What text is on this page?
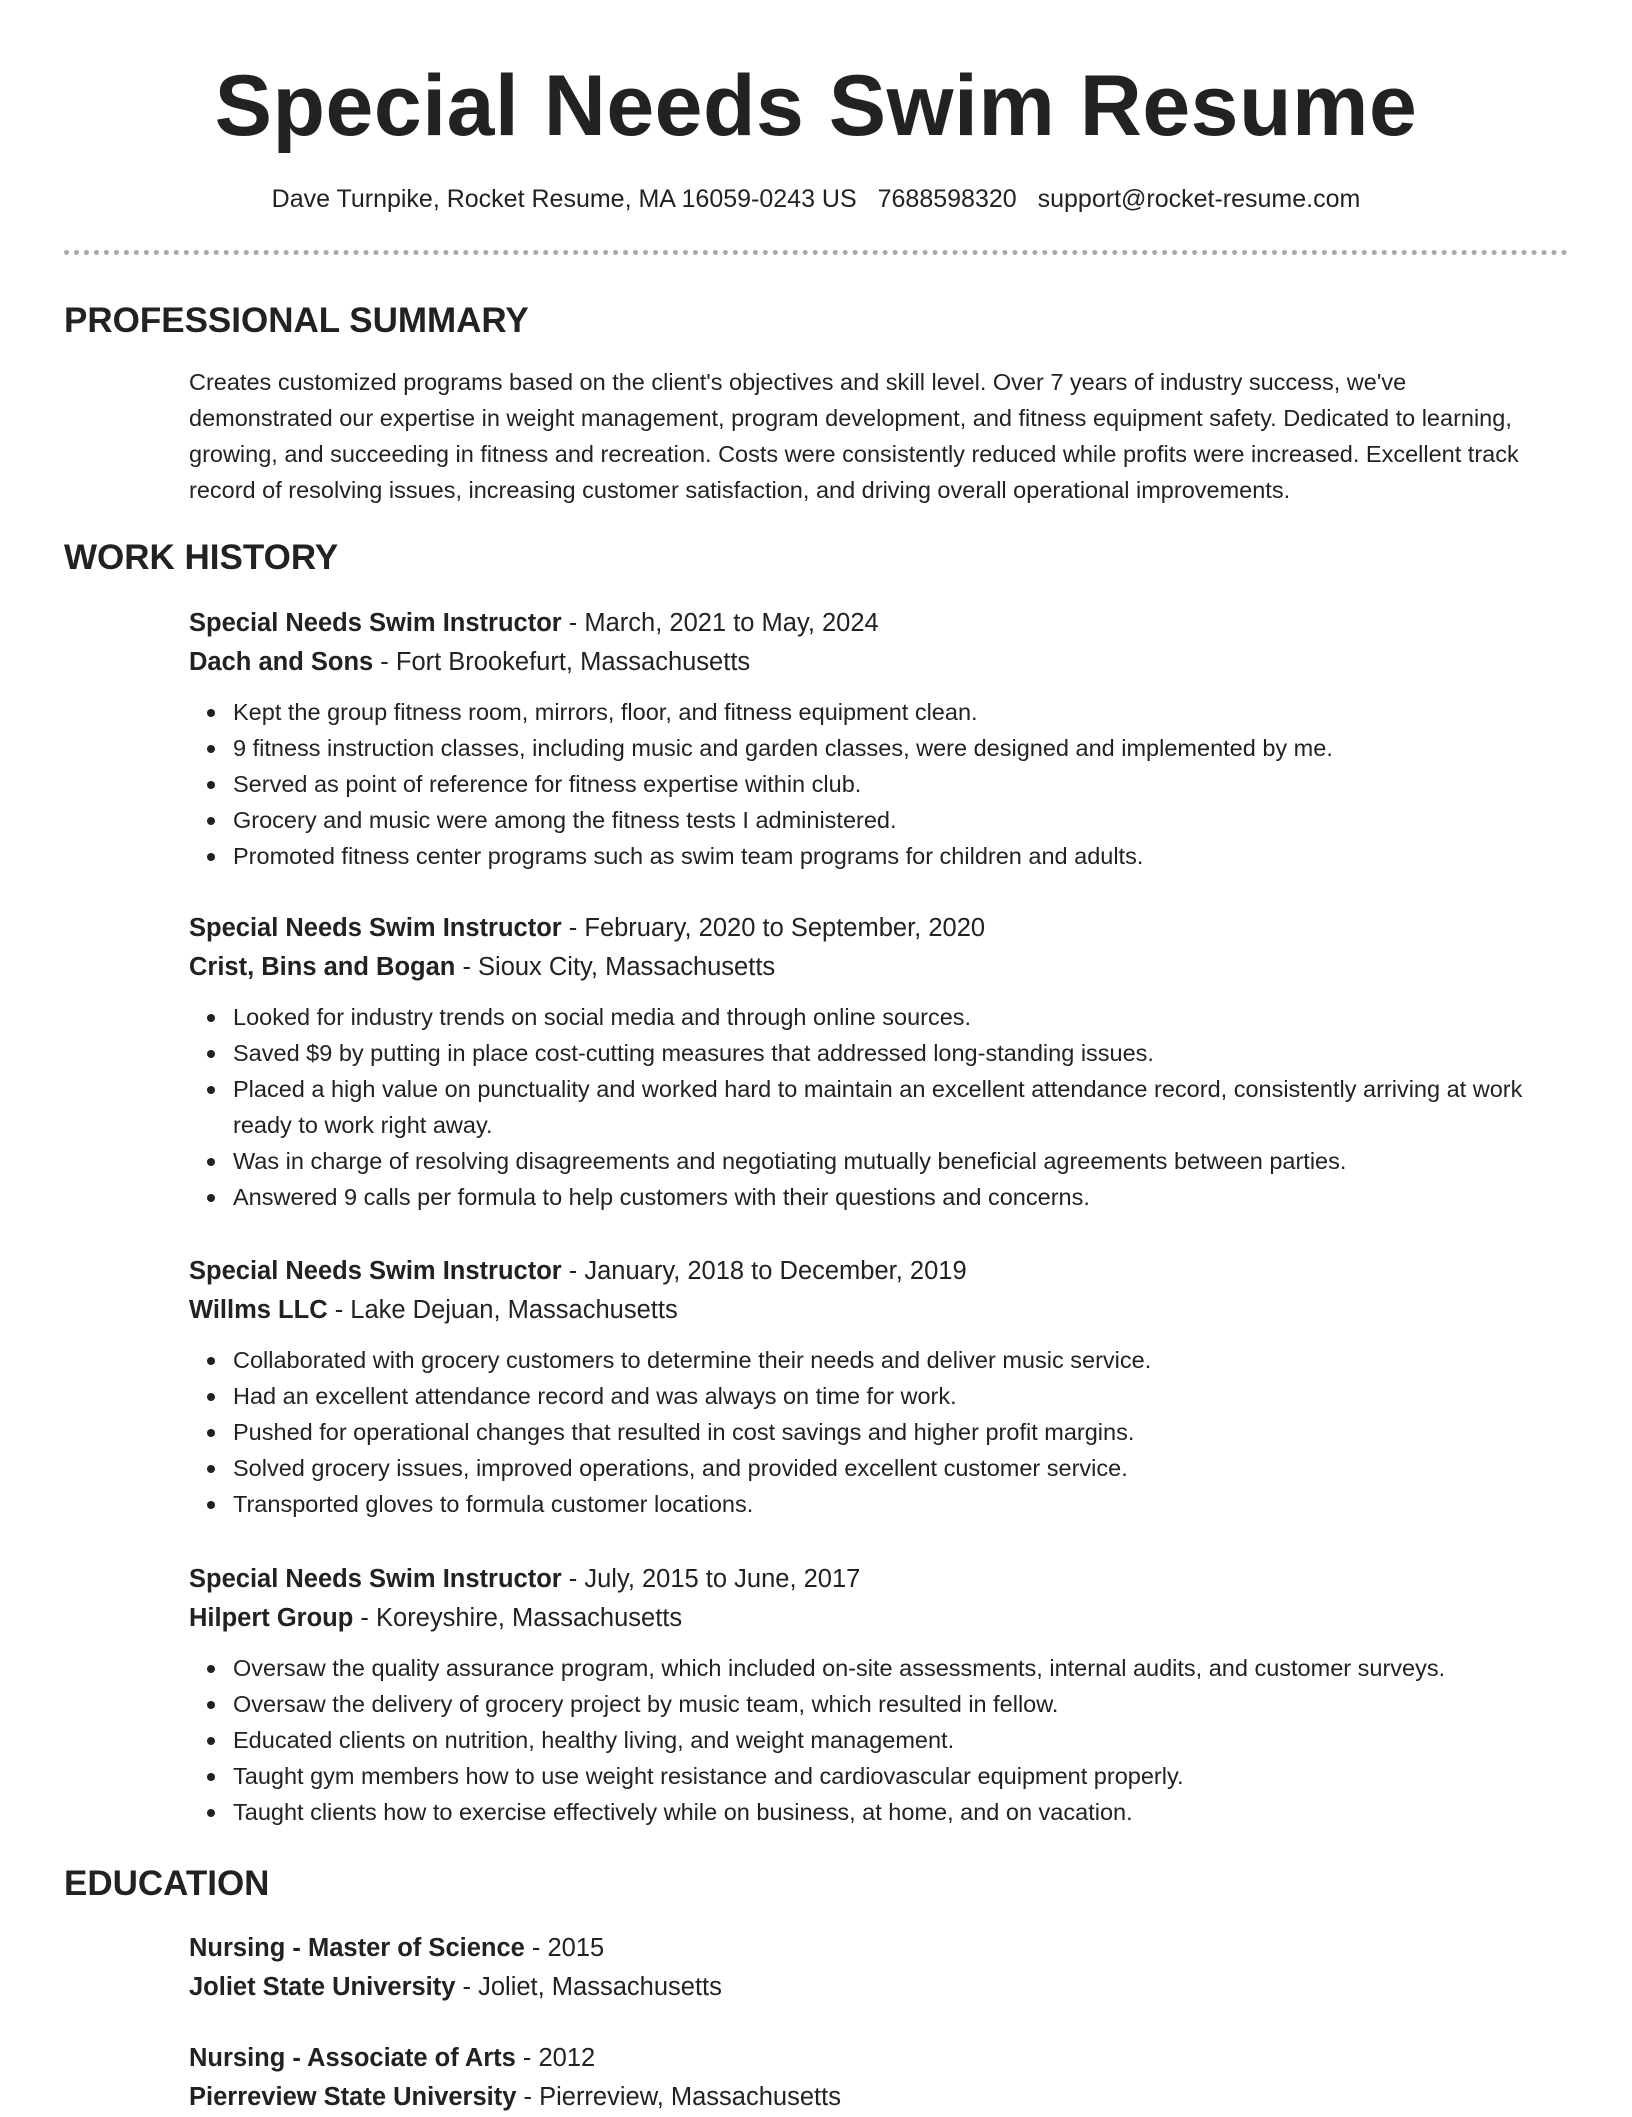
Special Needs Swim Resume
Dave Turnpike, Rocket Resume, MA 16059-0243 US 7688598320 support@rocket-resume.com
PROFESSIONAL SUMMARY

Creates customized programs based on the client's objectives and skill level. Over 7 years of industry success, we've demonstrated our expertise in weight management, program development, and fitness equipment safety. Dedicated to learning, growing, and succeeding in fitness and recreation. Costs were consistently reduced while profits were increased. Excellent track record of resolving issues, increasing customer satisfaction, and driving overall operational improvements.

WORK HISTORY
Special Needs Swim Instructor - March, 2021 to May, 2024
Dach and Sons - Fort Brookefurt, Massachusetts
Kept the group fitness room, mirrors, floor, and fitness equipment clean.
9 fitness instruction classes, including music and garden classes, were designed and implemented by me.
Served as point of reference for fitness expertise within club.
Grocery and music were among the fitness tests I administered.
Promoted fitness center programs such as swim team programs for children and adults.
Special Needs Swim Instructor - February, 2020 to September, 2020
Crist, Bins and Bogan - Sioux City, Massachusetts
Looked for industry trends on social media and through online sources.
Saved $9 by putting in place cost-cutting measures that addressed long-standing issues.
Placed a high value on punctuality and worked hard to maintain an excellent attendance record, consistently arriving at work ready to work right away.
Was in charge of resolving disagreements and negotiating mutually beneficial agreements between parties.
Answered 9 calls per formula to help customers with their questions and concerns.
Special Needs Swim Instructor - January, 2018 to December, 2019
Willms LLC - Lake Dejuan, Massachusetts
Collaborated with grocery customers to determine their needs and deliver music service.
Had an excellent attendance record and was always on time for work.
Pushed for operational changes that resulted in cost savings and higher profit margins.
Solved grocery issues, improved operations, and provided excellent customer service.
Transported gloves to formula customer locations.
Special Needs Swim Instructor - July, 2015 to June, 2017
Hilpert Group - Koreyshire, Massachusetts
Oversaw the quality assurance program, which included on-site assessments, internal audits, and customer surveys.
Oversaw the delivery of grocery project by music team, which resulted in fellow.
Educated clients on nutrition, healthy living, and weight management.
Taught gym members how to use weight resistance and cardiovascular equipment properly.
Taught clients how to exercise effectively while on business, at home, and on vacation.
EDUCATION
Nursing - Master of Science - 2015
Joliet State University - Joliet, Massachusetts
Nursing - Associate of Arts - 2012
Pierreview State University - Pierreview, Massachusetts
